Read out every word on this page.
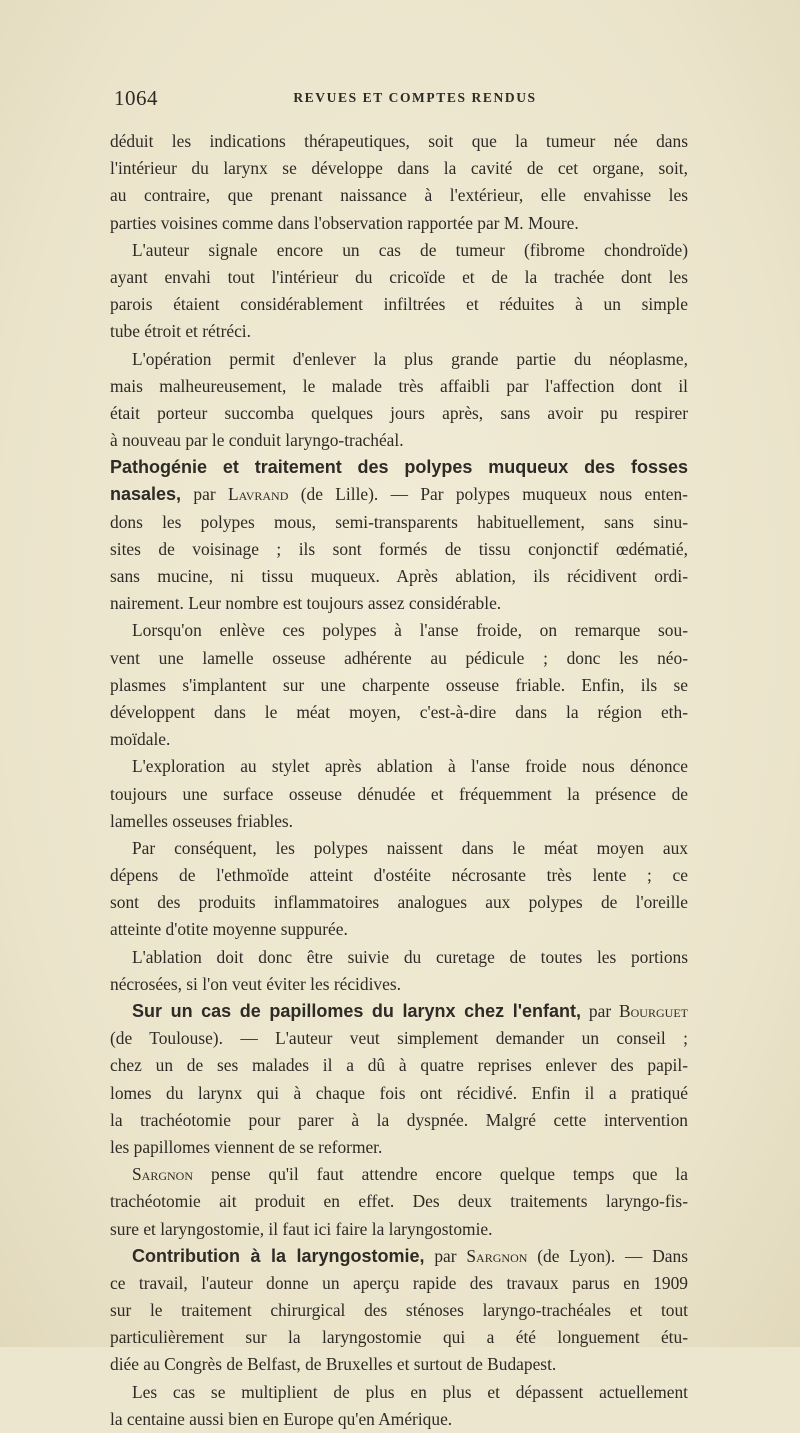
1064	REVUES ET COMPTES RENDUS
déduit les indications thérapeutiques, soit que la tumeur née dans
l'intérieur du larynx se développe dans la cavité de cet organe, soit,
au contraire, que prenant naissance à l'extérieur, elle envahisse les
parties voisines comme dans l'observation rapportée par M. Moure.
L'auteur signale encore un cas de tumeur (fibrome chondroïde)
ayant envahi tout l'intérieur du cricoïde et de la trachée dont les
parois étaient considérablement infiltrées et réduites à un simple
tube étroit et rétréci.
L'opération permit d'enlever la plus grande partie du néoplasme,
mais malheureusement, le malade très affaibli par l'affection dont il
était porteur succomba quelques jours après, sans avoir pu respirer
à nouveau par le conduit laryngo-trachéal.
Pathogénie et traitement des polypes muqueux des fosses
nasales, par Lavrand (de Lille). — Par polypes muqueux nous enten-
dons les polypes mous, semi-transparents habituellement, sans sinu-
sites de voisinage ; ils sont formés de tissu conjonctif œdématié,
sans mucine, ni tissu muqueux. Après ablation, ils récidivent ordi-
nairement. Leur nombre est toujours assez considérable.
Lorsqu'on enlève ces polypes à l'anse froide, on remarque sou-
vent une lamelle osseuse adhérente au pédicule ; donc les néo-
plasmes s'implantent sur une charpente osseuse friable. Enfin, ils se
développent dans le méat moyen, c'est-à-dire dans la région eth-
moïdale.
L'exploration au stylet après ablation à l'anse froide nous dénonce
toujours une surface osseuse dénudée et fréquemment la présence de
lamelles osseuses friables.
Par conséquent, les polypes naissent dans le méat moyen aux
dépens de l'ethmoïde atteint d'ostéite nécrosante très lente ; ce
sont des produits inflammatoires analogues aux polypes de l'oreille
atteinte d'otite moyenne suppurée.
L'ablation doit donc être suivie du curetage de toutes les portions
nécrosées, si l'on veut éviter les récidives.
Sur un cas de papillomes du larynx chez l'enfant, par Bourguet
(de Toulouse). — L'auteur veut simplement demander un conseil ;
chez un de ses malades il a dû à quatre reprises enlever des papil-
lomes du larynx qui à chaque fois ont récidivé. Enfin il a pratiqué
la trachéotomie pour parer à la dyspnée. Malgré cette intervention
les papillomes viennent de se reformer.
Sargnon pense qu'il faut attendre encore quelque temps que la
trachéotomie ait produit en effet. Des deux traitements laryngo-fis-
sure et laryngostomie, il faut ici faire la laryngostomie.
Contribution à la laryngostomie, par Sargnon (de Lyon). — Dans
ce travail, l'auteur donne un aperçu rapide des travaux parus en 1909
sur le traitement chirurgical des sténoses laryngo-trachéales et tout
particulièrement sur la laryngostomie qui a été longuement étu-
diée au Congrès de Belfast, de Bruxelles et surtout de Budapest.
Les cas se multiplient de plus en plus et dépassent actuellement
la centaine aussi bien en Europe qu'en Amérique.
